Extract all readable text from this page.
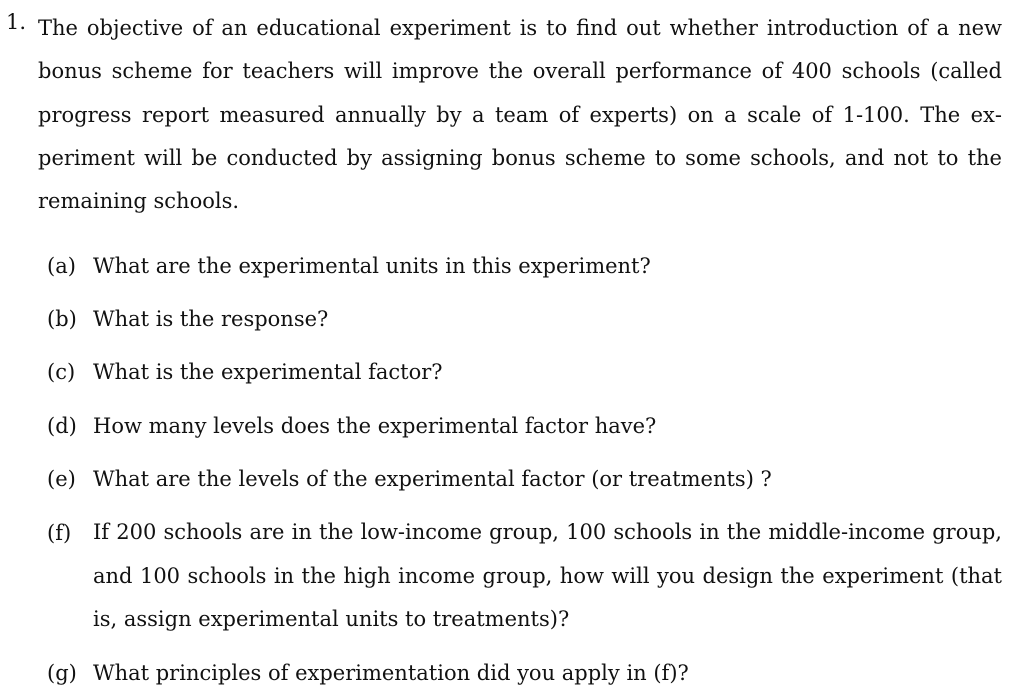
1. The objective of an educational experiment is to find out whether introduction of a new bonus scheme for teachers will improve the overall performance of 400 schools (called progress report measured annually by a team of experts) on a scale of 1-100. The experiment will be conducted by assigning bonus scheme to some schools, and not to the remaining schools.
(a) What are the experimental units in this experiment?
(b) What is the response?
(c) What is the experimental factor?
(d) How many levels does the experimental factor have?
(e) What are the levels of the experimental factor (or treatments) ?
(f)	If 200 schools are in the low-income group, 100 schools in the middle-income group, and 100 schools in the high income group, how will you design the experiment (that is, assign experimental units to treatments)?
(g) What principles of experimentation did you apply in (f)?
